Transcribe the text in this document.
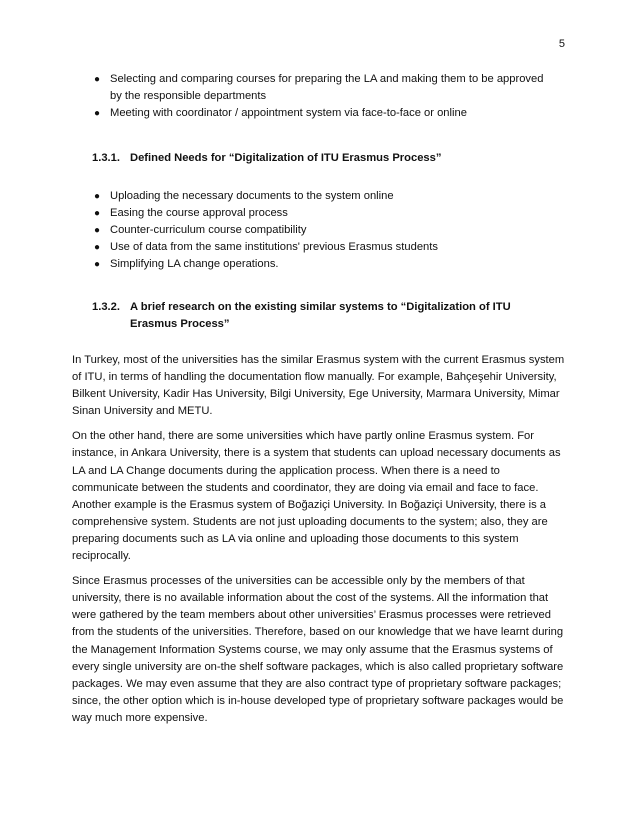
5
● Selecting and comparing courses for preparing the LA and making them to be approved by the responsible departments
● Meeting with coordinator / appointment system via face-to-face or online
1.3.1. Defined Needs for “Digitalization of ITU Erasmus Process”
● Uploading the necessary documents to the system online
● Easing the course approval process
● Counter-curriculum course compatibility
● Use of data from the same institutions' previous Erasmus students
● Simplifying LA change operations.
1.3.2. A brief research on the existing similar systems to “Digitalization of ITU Erasmus Process”

In Turkey, most of the universities has the similar Erasmus system with the current Erasmus system of ITU, in terms of handling the documentation flow manually. For example, Bahçeşehir University, Bilkent University, Kadir Has University, Bilgi University, Ege University, Marmara University, Mimar Sinan University and METU.

On the other hand, there are some universities which have partly online Erasmus system. For instance, in Ankara University, there is a system that students can upload necessary documents as LA and LA Change documents during the application process. When there is a need to communicate between the students and coordinator, they are doing via email and face to face. Another example is the Erasmus system of Boğaziçi University. In Boğaziçi University, there is a comprehensive system. Students are not just uploading documents to the system; also, they are preparing documents such as LA via online and uploading those documents to this system reciprocally.

Since Erasmus processes of the universities can be accessible only by the members of that university, there is no available information about the cost of the systems. All the information that were gathered by the team members about other universities’ Erasmus processes were retrieved from the students of the universities. Therefore, based on our knowledge that we have learnt during the Management Information Systems course, we may only assume that the Erasmus systems of every single university are on-the shelf software packages, which is also called proprietary software packages. We may even assume that they are also contract type of proprietary software packages; since, the other option which is in-house developed type of proprietary software packages would be way much more expensive.
